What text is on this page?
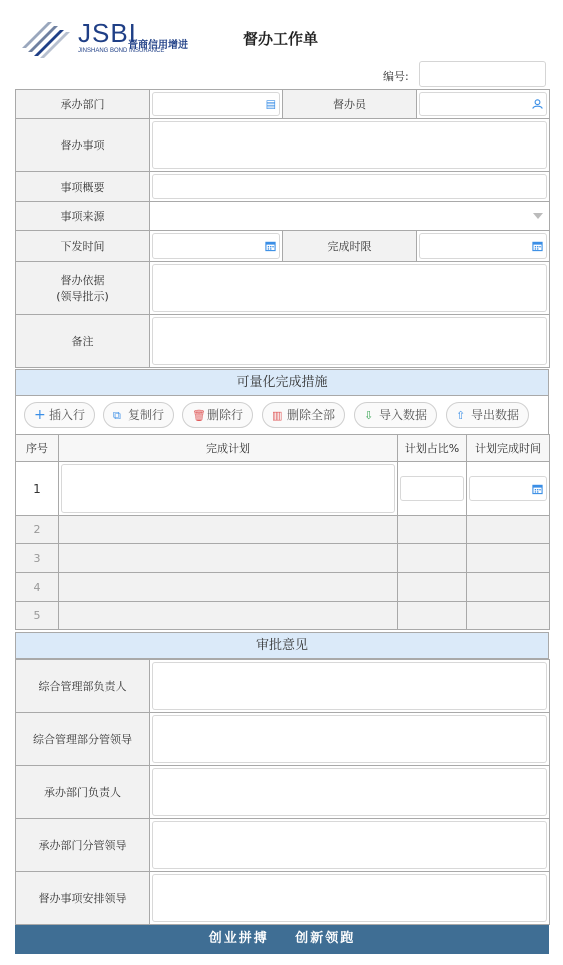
JSBI
晋商信用增进
JINSHANG BOND INSURANCE
督办工作单
编号:
承办部门	▤	督办员	

督办事项			

事项概要			

事项来源			

下发时间		完成时限	

督办依据
(领导批示)			

备注			
可量化完成措施
+ 插入行	⧉ 复制行	🗑删除行	▥ 删除全部	⇩ 导入数据	⇧ 导出数据
序号	完成计划	计划占比%	计划完成时间
1	

2			
3			
4			
5			
审批意见
综合管理部负责人	

综合管理部分管领导	

承办部门负责人	

承办部门分管领导	

督办事项安排领导	
创业拼搏 创新领跑
